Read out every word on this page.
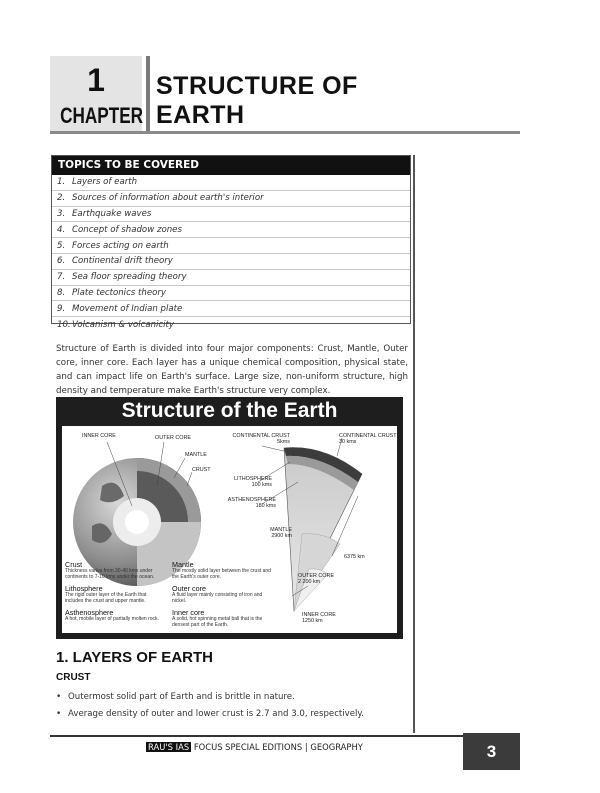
1
CHAPTER
STRUCTURE OF
EARTH
TOPICS TO BE COVERED
1. Layers of earth
2. Sources of information about earth's interior
3. Earthquake waves
4. Concept of shadow zones
5. Forces acting on earth
6. Continental drift theory
7. Sea floor spreading theory
8. Plate tectonics theory
9. Movement of Indian plate
10. Volcanism & volcanicity
Structure of Earth is divided into four major components: Crust, Mantle, Outer core, inner core. Each layer has a unique chemical composition, physical state, and can impact life on Earth's surface. Large size, non-uniform structure, high density and temperature make Earth's structure very complex.
Structure of the Earth
INNER CORE	OUTER CORE
MANTLE
CRUST
CONTINENTAL CRUST
5kms
CONTINENTAL CRUST
30 kms
LITHOSPHERE
100 kms
ASTHENOSPHERE
180 kms
MANTLE
2900 km
6375 km
OUTER CORE
2 200 km
INNER CORE
1250 km
Crust
Thickness varies from 30-40 kms under continents to 7-10 kms under the ocean.
Lithosphere
The rigid outer layer of the Earth that includes the crust and upper mantle.
Asthenosphere
A hot, mobile layer of partially molten rock.
Mantle
The mostly solid layer between the crust and the Earth's outer core.
Outer core
A fluid layer mainly consisting of iron and nickel.
Inner core
A solid, hot spinning metal ball that is the densest part of the Earth.
1. LAYERS OF EARTH
CRUST
• Outermost solid part of Earth and is brittle in nature.
• Average density of outer and lower crust is 2.7 and 3.0, respectively.
RAU'S IAS FOCUS SPECIAL EDITIONS | GEOGRAPHY	3
